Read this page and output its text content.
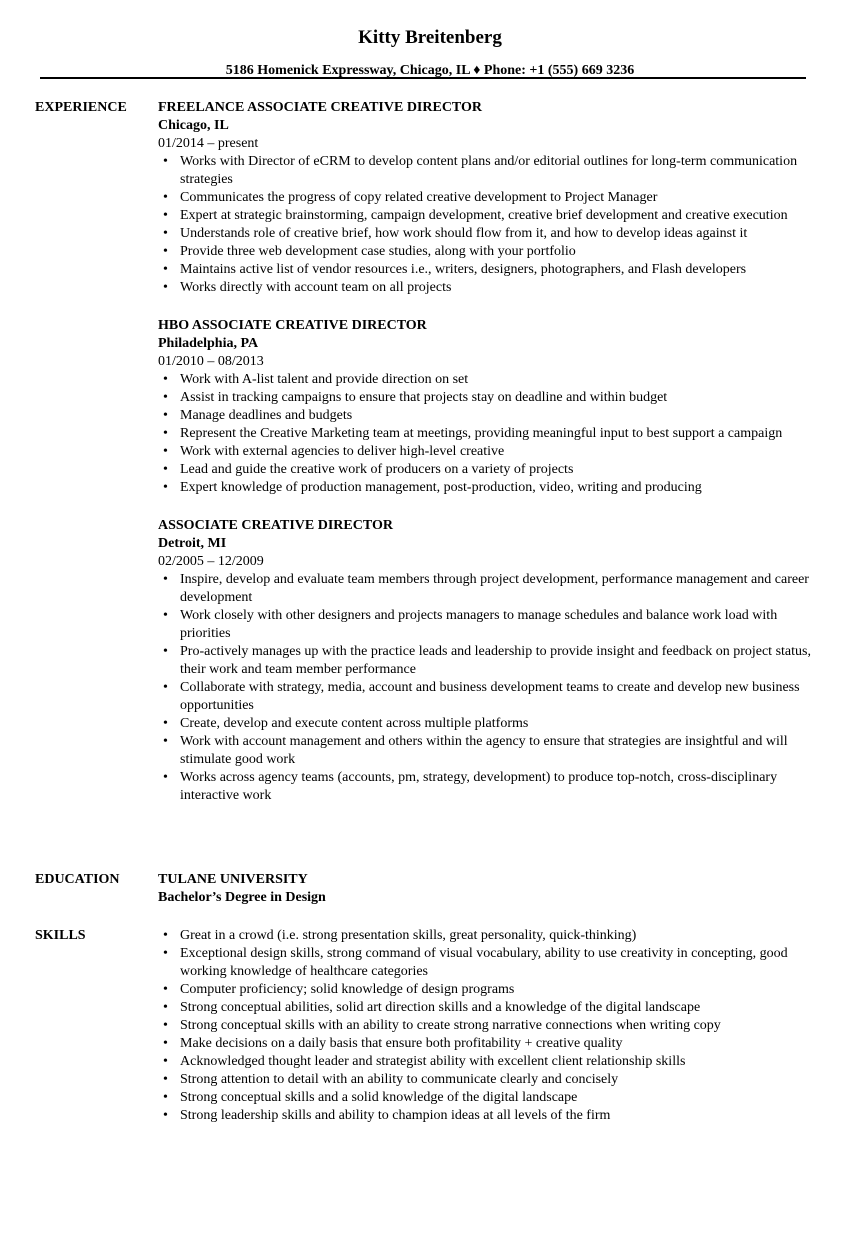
Kitty Breitenberg
5186 Homenick Expressway, Chicago, IL ♦ Phone: +1 (555) 669 3236
EXPERIENCE	FREELANCE ASSOCIATE CREATIVE DIRECTOR
Chicago, IL
01/2014 – present
• Works with Director of eCRM to develop content plans and/or editorial outlines for long-term communication strategies
• Communicates the progress of copy related creative development to Project Manager
• Expert at strategic brainstorming, campaign development, creative brief development and creative execution
• Understands role of creative brief, how work should flow from it, and how to develop ideas against it
• Provide three web development case studies, along with your portfolio
• Maintains active list of vendor resources i.e., writers, designers, photographers, and Flash developers
• Works directly with account team on all projects
HBO ASSOCIATE CREATIVE DIRECTOR
Philadelphia, PA
01/2010 – 08/2013
• Work with A-list talent and provide direction on set
• Assist in tracking campaigns to ensure that projects stay on deadline and within budget
• Manage deadlines and budgets
• Represent the Creative Marketing team at meetings, providing meaningful input to best support a campaign
• Work with external agencies to deliver high-level creative
• Lead and guide the creative work of producers on a variety of projects
• Expert knowledge of production management, post-production, video, writing and producing
ASSOCIATE CREATIVE DIRECTOR
Detroit, MI
02/2005 – 12/2009
• Inspire, develop and evaluate team members through project development, performance management and career development
• Work closely with other designers and projects managers to manage schedules and balance work load with priorities
• Pro-actively manages up with the practice leads and leadership to provide insight and feedback on project status, their work and team member performance
• Collaborate with strategy, media, account and business development teams to create and develop new business opportunities
• Create, develop and execute content across multiple platforms
• Work with account management and others within the agency to ensure that strategies are insightful and will stimulate good work
• Works across agency teams (accounts, pm, strategy, development) to produce top-notch, cross-disciplinary interactive work
EDUCATION	TULANE UNIVERSITY
Bachelor’s Degree in Design
SKILLS	• Great in a crowd (i.e. strong presentation skills, great personality, quick-thinking)
• Exceptional design skills, strong command of visual vocabulary, ability to use creativity in concepting, good working knowledge of healthcare categories
• Computer proficiency; solid knowledge of design programs
• Strong conceptual abilities, solid art direction skills and a knowledge of the digital landscape
• Strong conceptual skills with an ability to create strong narrative connections when writing copy
• Make decisions on a daily basis that ensure both profitability + creative quality
• Acknowledged thought leader and strategist ability with excellent client relationship skills
• Strong attention to detail with an ability to communicate clearly and concisely
• Strong conceptual skills and a solid knowledge of the digital landscape
• Strong leadership skills and ability to champion ideas at all levels of the firm
